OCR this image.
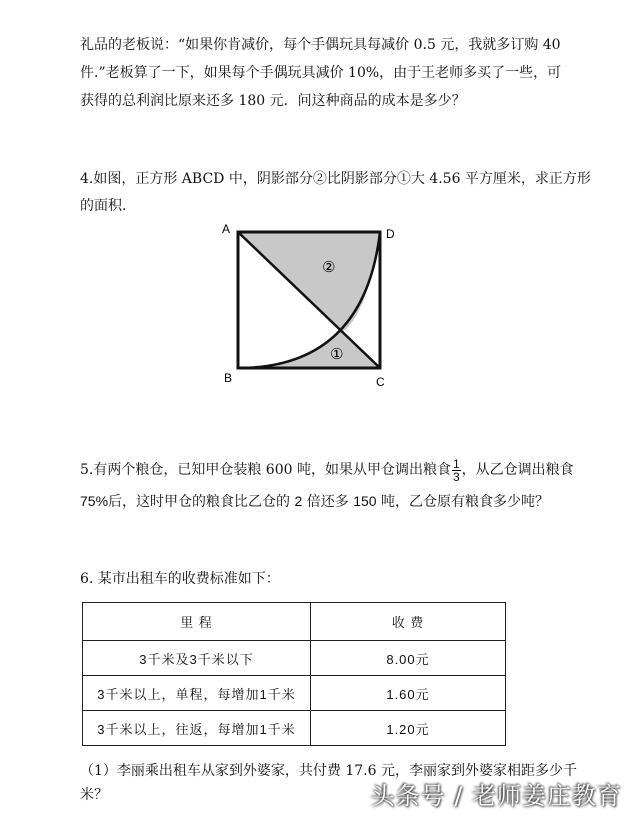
礼品的老板说：“如果你肯减价，每个手偶玩具每减价 0.5 元，我就多订购 40
件.”老板算了一下，如果每个手偶玩具减价 10%，由于王老师多买了一些，可
获得的总利润比原来还多 180 元．问这种商品的成本是多少？
4.如图，正方形 ABCD 中，阴影部分②比阴影部分①大 4.56 平方厘米，求正方形
的面积.
A	D
B	C
②
①
5.有两个粮仓，已知甲仓装粮 600 吨，如果从甲仓调出粮食 $\frac{1}{3}$ ，从乙仓调出粮食
75%后，这时甲仓的粮食比乙仓的 2 倍还多 150 吨，乙仓原有粮食多少吨？
6. 某市出租车的收费标准如下：
里 程	收 费
3千米及3千米以下	8.00元
3千米以上，单程，每增加1千米	1.60元
3千米以上，往返，每增加1千米	1.20元
（1）李丽乘出租车从家到外婆家，共付费 17.6 元，李丽家到外婆家相距多少千
米？	头条号 / 老师姜庄教育
